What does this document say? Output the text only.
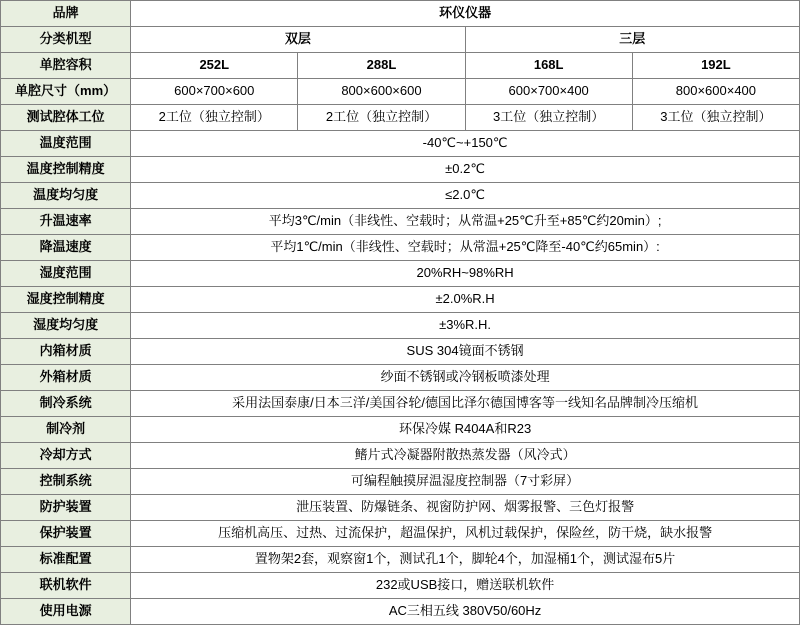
品牌	环仪仪器			
分类机型	双层		三层	
单腔容积	252L	288L	168L	192L
单腔尺寸（mm）	600×700×600	800×600×600	600×700×400	800×600×400
测试腔体工位	2工位（独立控制）	2工位（独立控制）	3工位（独立控制）	3工位（独立控制）
温度范围	-40℃~+150℃			
温度控制精度	±0.2℃			
温度均匀度	≤2.0℃			
升温速率	平均3℃/min（非线性、空载时；从常温+25℃升至+85℃约20min）;			
降温速度	平均1℃/min（非线性、空载时；从常温+25℃降至-40℃约65min）:			
湿度范围	20%RH~98%RH			
湿度控制精度	±2.0%R.H			
湿度均匀度	±3%R.H.			
内箱材质	SUS 304镜面不锈钢			
外箱材质	纱面不锈钢或冷钢板喷漆处理			
制冷系统	采用法国泰康/日本三洋/美国谷轮/德国比泽尔德国博客等一线知名品牌制冷压缩机			
制冷剂	环保冷媒 R404A和R23			
冷却方式	鳍片式冷凝器附散热蒸发器（风冷式）			
控制系统	可编程触摸屏温湿度控制器（7寸彩屏）			
防护装置	泄压装置、防爆链条、视窗防护网、烟雾报警、三色灯报警			
保护装置	压缩机高压、过热、过流保护，超温保护，风机过载保护，保险丝，防干烧，缺水报警			
标准配置	置物架2套，观察窗1个，测试孔1个，脚轮4个，加湿桶1个，测试湿布5片			
联机软件	232或USB接口，赠送联机软件			
使用电源	AC三相五线 380V50/60Hz			
